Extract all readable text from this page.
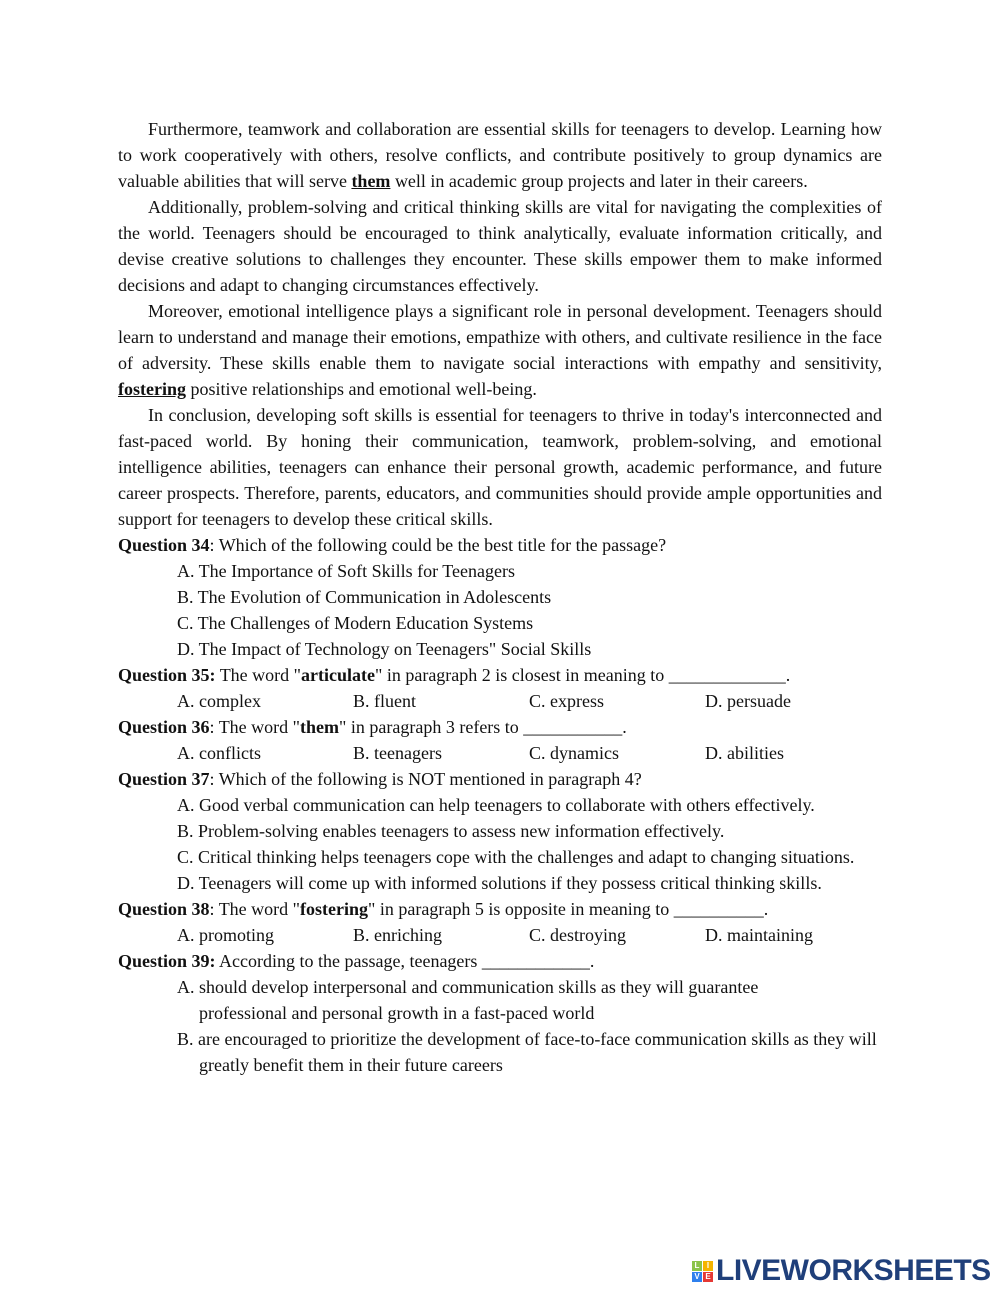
Furthermore, teamwork and collaboration are essential skills for teenagers to develop. Learning how to work cooperatively with others, resolve conflicts, and contribute positively to group dynamics are valuable abilities that will serve them well in academic group projects and later in their careers.

Additionally, problem-solving and critical thinking skills are vital for navigating the complexities of the world. Teenagers should be encouraged to think analytically, evaluate information critically, and devise creative solutions to challenges they encounter. These skills empower them to make informed decisions and adapt to changing circumstances effectively.

Moreover, emotional intelligence plays a significant role in personal development. Teenagers should learn to understand and manage their emotions, empathize with others, and cultivate resilience in the face of adversity. These skills enable them to navigate social interactions with empathy and sensitivity, fostering positive relationships and emotional well-being.

In conclusion, developing soft skills is essential for teenagers to thrive in today's interconnected and fast-paced world. By honing their communication, teamwork, problem-solving, and emotional intelligence abilities, teenagers can enhance their personal growth, academic performance, and future career prospects. Therefore, parents, educators, and communities should provide ample opportunities and support for teenagers to develop these critical skills.

Question 34: Which of the following could be the best title for the passage?

A. The Importance of Soft Skills for Teenagers

B. The Evolution of Communication in Adolescents

C. The Challenges of Modern Education Systems

D. The Impact of Technology on Teenagers" Social Skills

Question 35: The word "articulate" in paragraph 2 is closest in meaning to _____________.

A. complex	B. fluent	C. express	D. persuade

Question 36: The word "them" in paragraph 3 refers to ___________.

A. conflicts	B. teenagers	C. dynamics	D. abilities

Question 37: Which of the following is NOT mentioned in paragraph 4?

A. Good verbal communication can help teenagers to collaborate with others effectively.

B. Problem-solving enables teenagers to assess new information effectively.

C. Critical thinking helps teenagers cope with the challenges and adapt to changing situations.

D. Teenagers will come up with informed solutions if they possess critical thinking skills.

Question 38: The word "fostering" in paragraph 5 is opposite in meaning to __________.

A. promoting	B. enriching	C. destroying	D. maintaining

Question 39: According to the passage, teenagers ____________.

A. should develop interpersonal and communication skills as they will guarantee professional and personal growth in a fast-paced world

B. are encouraged to prioritize the development of face-to-face communication skills as they will greatly benefit them in their future careers

L I
V E LIVEWORKSHEETS
